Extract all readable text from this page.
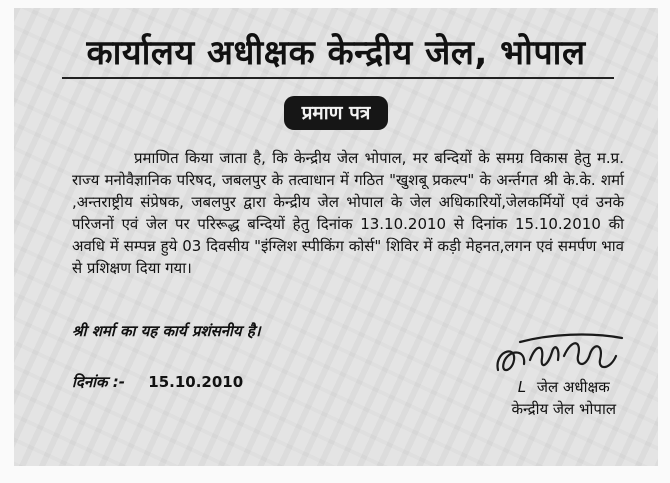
कार्यालय अधीक्षक केन्द्रीय जेल, भोपाल
प्रमाण पत्र

प्रमाणित किया जाता है, कि केन्द्रीय जेल भोपाल, मर बन्दियों के समग्र विकास हेतु म.प्र. राज्य मनोवैज्ञानिक परिषद, जबलपुर के तत्वाधान में गठित "खुशबू प्रकल्प" के अर्न्तगत श्री के.के. शर्मा ,अन्तराष्ट्रीय संप्रेषक, जबलपुर द्वारा केन्द्रीय जेल भोपाल के जेल अधिकारियों,जेलकर्मियों एवं उनके परिजनों एवं जेल पर परिरूद्ध बन्दियों हेतु दिनांक 13.10.2010 से दिनांक 15.10.2010 की अवधि में सम्पन्न हुये 03 दिवसीय "इंग्लिश स्पीकिंग कोर्स" शिविर में कड़ी मेहनत,लगन एवं समर्पण भाव से प्रशिक्षण दिया गया।

श्री शर्मा का यह कार्य प्रशंसनीय है।
दिनांक :- 15.10.2010	L जेल अधीक्षक
केन्द्रीय जेल भोपाल
